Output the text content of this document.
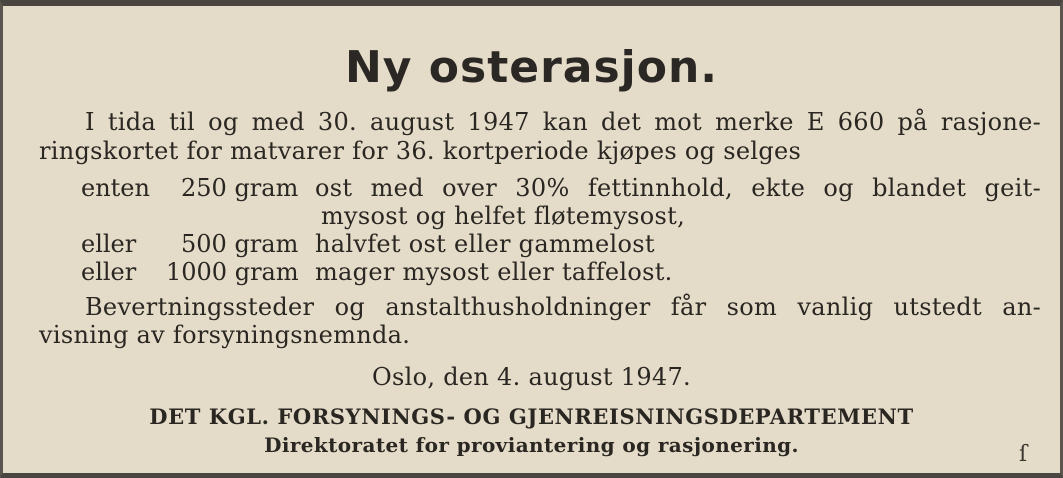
Ny osterasjon.
I tida til og med 30. august 1947 kan det mot merke E 660 på rasjone-
ringskortet for matvarer for 36. kortperiode kjøpes og selges
enten 250 gram ost med over 30% fettinnhold, ekte og blandet geit-
mysost og helfet fløtemysost,
eller 500 gram halvfet ost eller gammelost
eller 1000 gram mager mysost eller taffelost.
Bevertningssteder og anstalthusholdninger får som vanlig utstedt an-
visning av forsyningsnemnda.
Oslo, den 4. august 1947.
DET KGL. FORSYNINGS- OG GJENREISNINGSDEPARTEMENT
Direktoratet for proviantering og rasjonering.	ſ
